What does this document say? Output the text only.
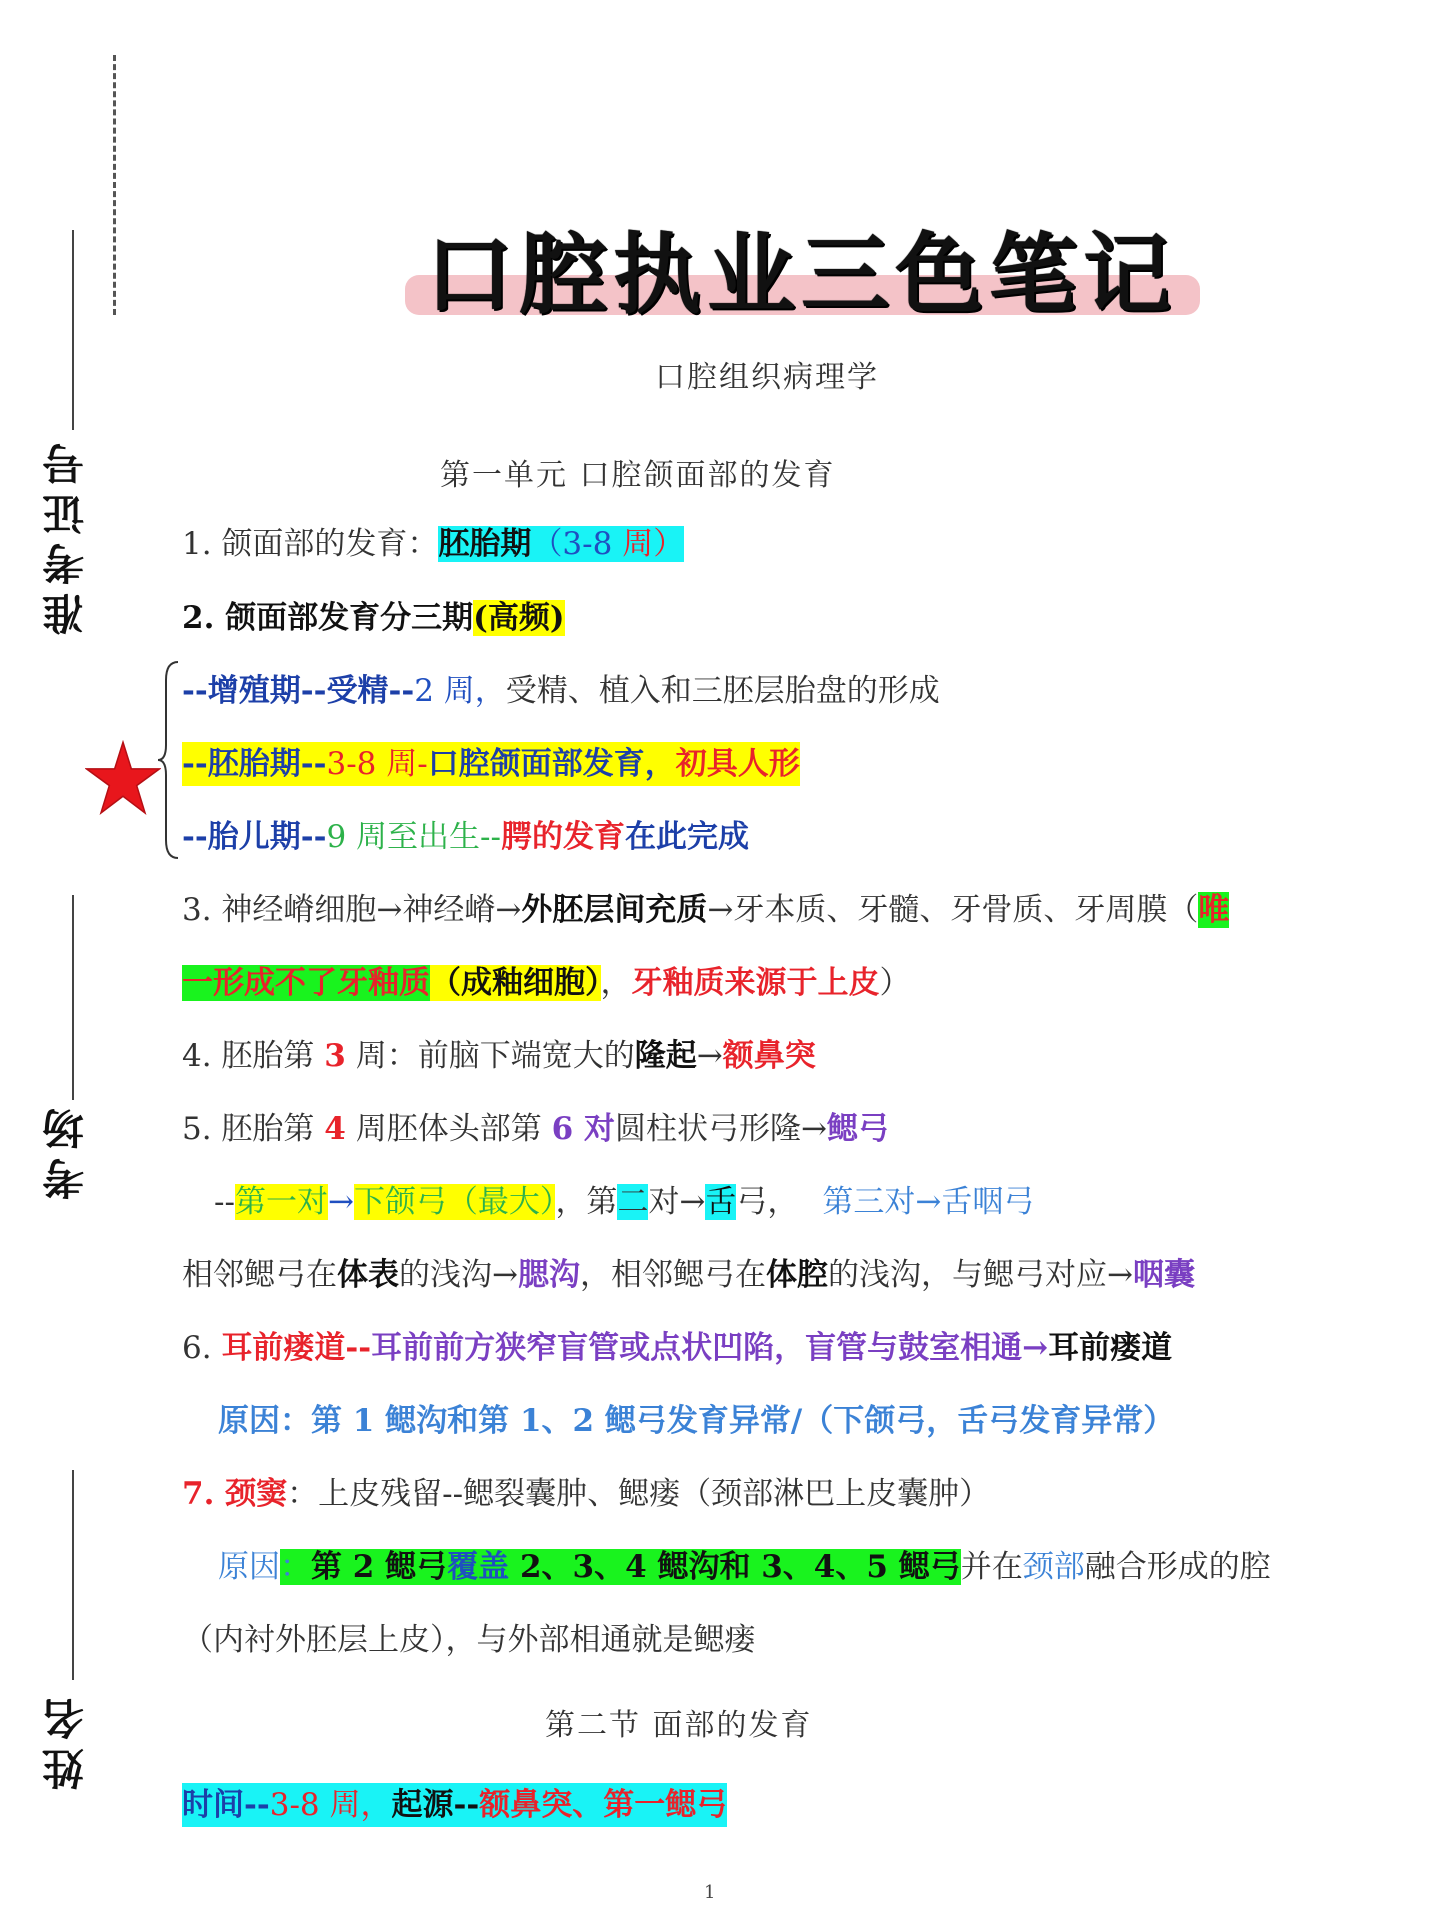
准考证号
考场
姓名
口腔执业三色笔记
口腔组织病理学
第一单元 口腔颌面部的发育
1. 颌面部的发育：胚胎期（3-8 周）
2. 颌面部发育分三期(高频)
--增殖期--受精--2 周，受精、植入和三胚层胎盘的形成
--胚胎期--3-8 周-口腔颌面部发育，初具人形
--胎儿期--9 周至出生--腭的发育在此完成
3. 神经嵴细胞→神经嵴→外胚层间充质→牙本质、牙髓、牙骨质、牙周膜（唯
一形成不了牙釉质（成釉细胞），牙釉质来源于上皮）
4. 胚胎第 3 周：前脑下端宽大的隆起→额鼻突
5. 胚胎第 4 周胚体头部第 6 对圆柱状弓形隆→鳃弓
--第一对→下颌弓（最大），第二对→舌弓， 第三对→舌咽弓
相邻鳃弓在体表的浅沟→腮沟，相邻鳃弓在体腔的浅沟，与鳃弓对应→咽囊
6. 耳前瘘道--耳前前方狭窄盲管或点状凹陷，盲管与鼓室相通→耳前瘘道
原因：第 1 鳃沟和第 1、2 鳃弓发育异常/（下颌弓，舌弓发育异常）
7. 颈窦：上皮残留--鳃裂囊肿、鳃瘘（颈部淋巴上皮囊肿）
原因：第 2 鳃弓覆盖 2、3、4 鳃沟和 3、4、5 鳃弓并在颈部融合形成的腔
（内衬外胚层上皮），与外部相通就是鳃瘘
第二节 面部的发育
时间--3-8 周，起源--额鼻突、第一鳃弓
1
